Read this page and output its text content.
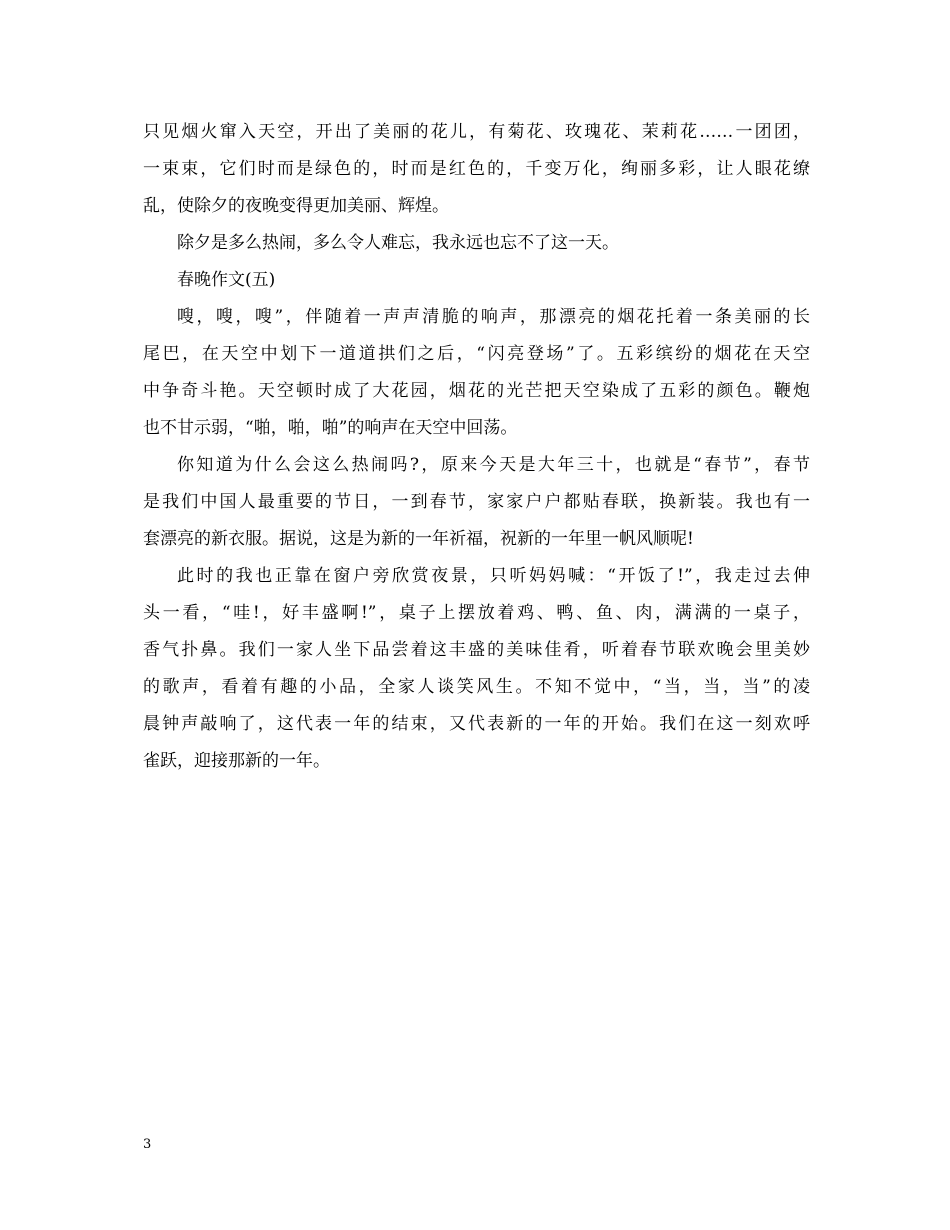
只见烟火窜入天空，开出了美丽的花儿，有菊花、玫瑰花、茉莉花……一团团，
一束束，它们时而是绿色的，时而是红色的，千变万化，绚丽多彩，让人眼花缭
乱，使除夕的夜晚变得更加美丽、辉煌。
除夕是多么热闹，多么令人难忘，我永远也忘不了这一天。
春晚作文(五)
嗖，嗖，嗖”，伴随着一声声清脆的响声，那漂亮的烟花托着一条美丽的长
尾巴，在天空中划下一道道拱们之后，“闪亮登场”了。五彩缤纷的烟花在天空
中争奇斗艳。天空顿时成了大花园，烟花的光芒把天空染成了五彩的颜色。鞭炮
也不甘示弱，“啪，啪，啪”的响声在天空中回荡。
你知道为什么会这么热闹吗?，原来今天是大年三十，也就是“春节”，春节
是我们中国人最重要的节日，一到春节，家家户户都贴春联，换新装。我也有一
套漂亮的新衣服。据说，这是为新的一年祈福，祝新的一年里一帆风顺呢!
此时的我也正靠在窗户旁欣赏夜景，只听妈妈喊：“开饭了!”，我走过去伸
头一看，“哇!，好丰盛啊!”，桌子上摆放着鸡、鸭、鱼、肉，满满的一桌子，
香气扑鼻。我们一家人坐下品尝着这丰盛的美味佳肴，听着春节联欢晚会里美妙
的歌声，看着有趣的小品，全家人谈笑风生。不知不觉中，“当，当，当”的凌
晨钟声敲响了，这代表一年的结束，又代表新的一年的开始。我们在这一刻欢呼
雀跃，迎接那新的一年。
3
